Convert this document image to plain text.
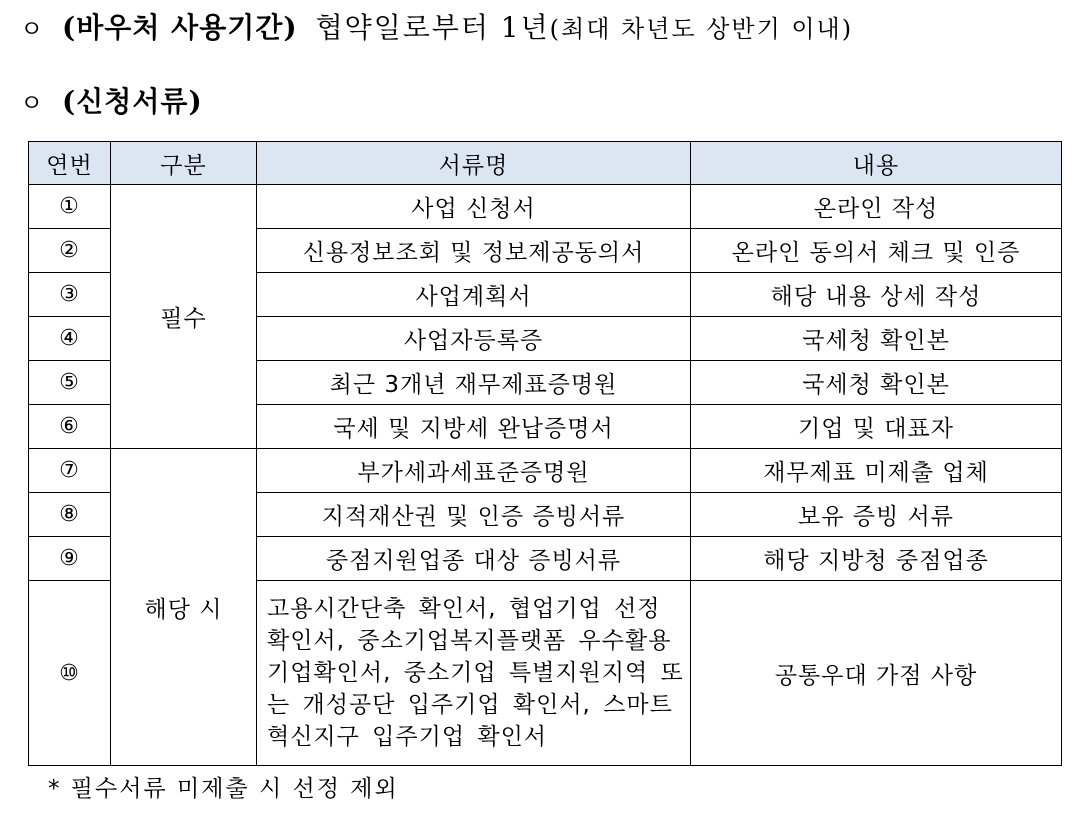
ㅇ (바우처 사용기간) 협약일로부터 1년 (최대 차년도 상반기 이내)
ㅇ (신청서류)
연번	구분	서류명	내용
①	필수	사업 신청서	온라인 작성
②		신용정보조회 및 정보제공동의서	온라인 동의서 체크 및 인증
③		사업계획서	해당 내용 상세 작성
④		사업자등록증	국세청 확인본
⑤		최근 3개년 재무제표증명원	국세청 확인본
⑥		국세 및 지방세 완납증명서	기업 및 대표자
⑦	해당 시	부가세과세표준증명원	재무제표 미제출 업체
⑧		지적재산권 및 인증 증빙서류	보유 증빙 서류
⑨		중점지원업종 대상 증빙서류	해당 지방청 중점업종
⑩		고용시간단축 확인서, 협업기업 선정 확인서, 중소기업복지플랫폼 우수활용 기업확인서, 중소기업 특별지원지역 또는 개성공단 입주기업 확인서, 스마트 혁신지구 입주기업 확인서	공통우대 가점 사항
* 필수서류 미제출 시 선정 제외
